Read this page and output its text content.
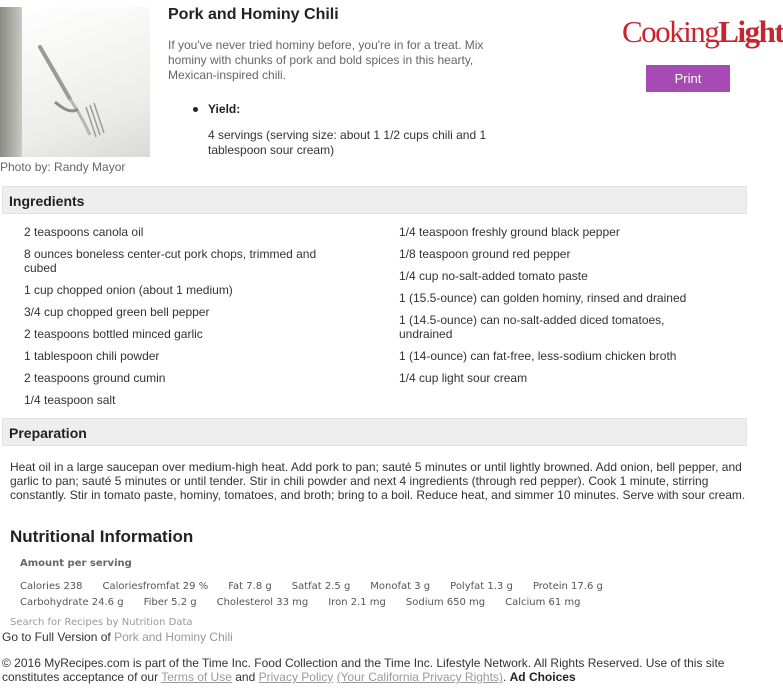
Photo by: Randy Mayor
Pork and Hominy Chili
If you've never tried hominy before, you're in for a treat. Mix hominy with chunks of pork and bold spices in this hearty, Mexican-inspired chili.
Yield:
4 servings (serving size: about 1 1/2 cups chili and 1 tablespoon sour cream)
CookingLight
Print
Ingredients
2 teaspoons canola oil
8 ounces boneless center-cut pork chops, trimmed and cubed
1 cup chopped onion (about 1 medium)
3/4 cup chopped green bell pepper
2 teaspoons bottled minced garlic
1 tablespoon chili powder
2 teaspoons ground cumin
1/4 teaspoon salt
1/4 teaspoon freshly ground black pepper
1/8 teaspoon ground red pepper
1/4 cup no-salt-added tomato paste
1 (15.5-ounce) can golden hominy, rinsed and drained
1 (14.5-ounce) can no-salt-added diced tomatoes, undrained
1 (14-ounce) can fat-free, less-sodium chicken broth
1/4 cup light sour cream
Preparation
Heat oil in a large saucepan over medium-high heat. Add pork to pan; sauté 5 minutes or until lightly browned. Add onion, bell pepper, and garlic to pan; sauté 5 minutes or until tender. Stir in chili powder and next 4 ingredients (through red pepper). Cook 1 minute, stirring constantly. Stir in tomato paste, hominy, tomatoes, and broth; bring to a boil. Reduce heat, and simmer 10 minutes. Serve with sour cream.
Nutritional Information
Amount per serving
Calories 238 Caloriesfromfat 29 % Fat 7.8 g Satfat 2.5 g Monofat 3 g Polyfat 1.3 g Protein 17.6 g
Carbohydrate 24.6 g Fiber 5.2 g Cholesterol 33 mg Iron 2.1 mg Sodium 650 mg Calcium 61 mg
Search for Recipes by Nutrition Data
Go to Full Version of Pork and Hominy Chili
© 2016 MyRecipes.com is part of the Time Inc. Food Collection and the Time Inc. Lifestyle Network. All Rights Reserved. Use of this site constitutes acceptance of our Terms of Use and Privacy Policy (Your California Privacy Rights). Ad Choices
